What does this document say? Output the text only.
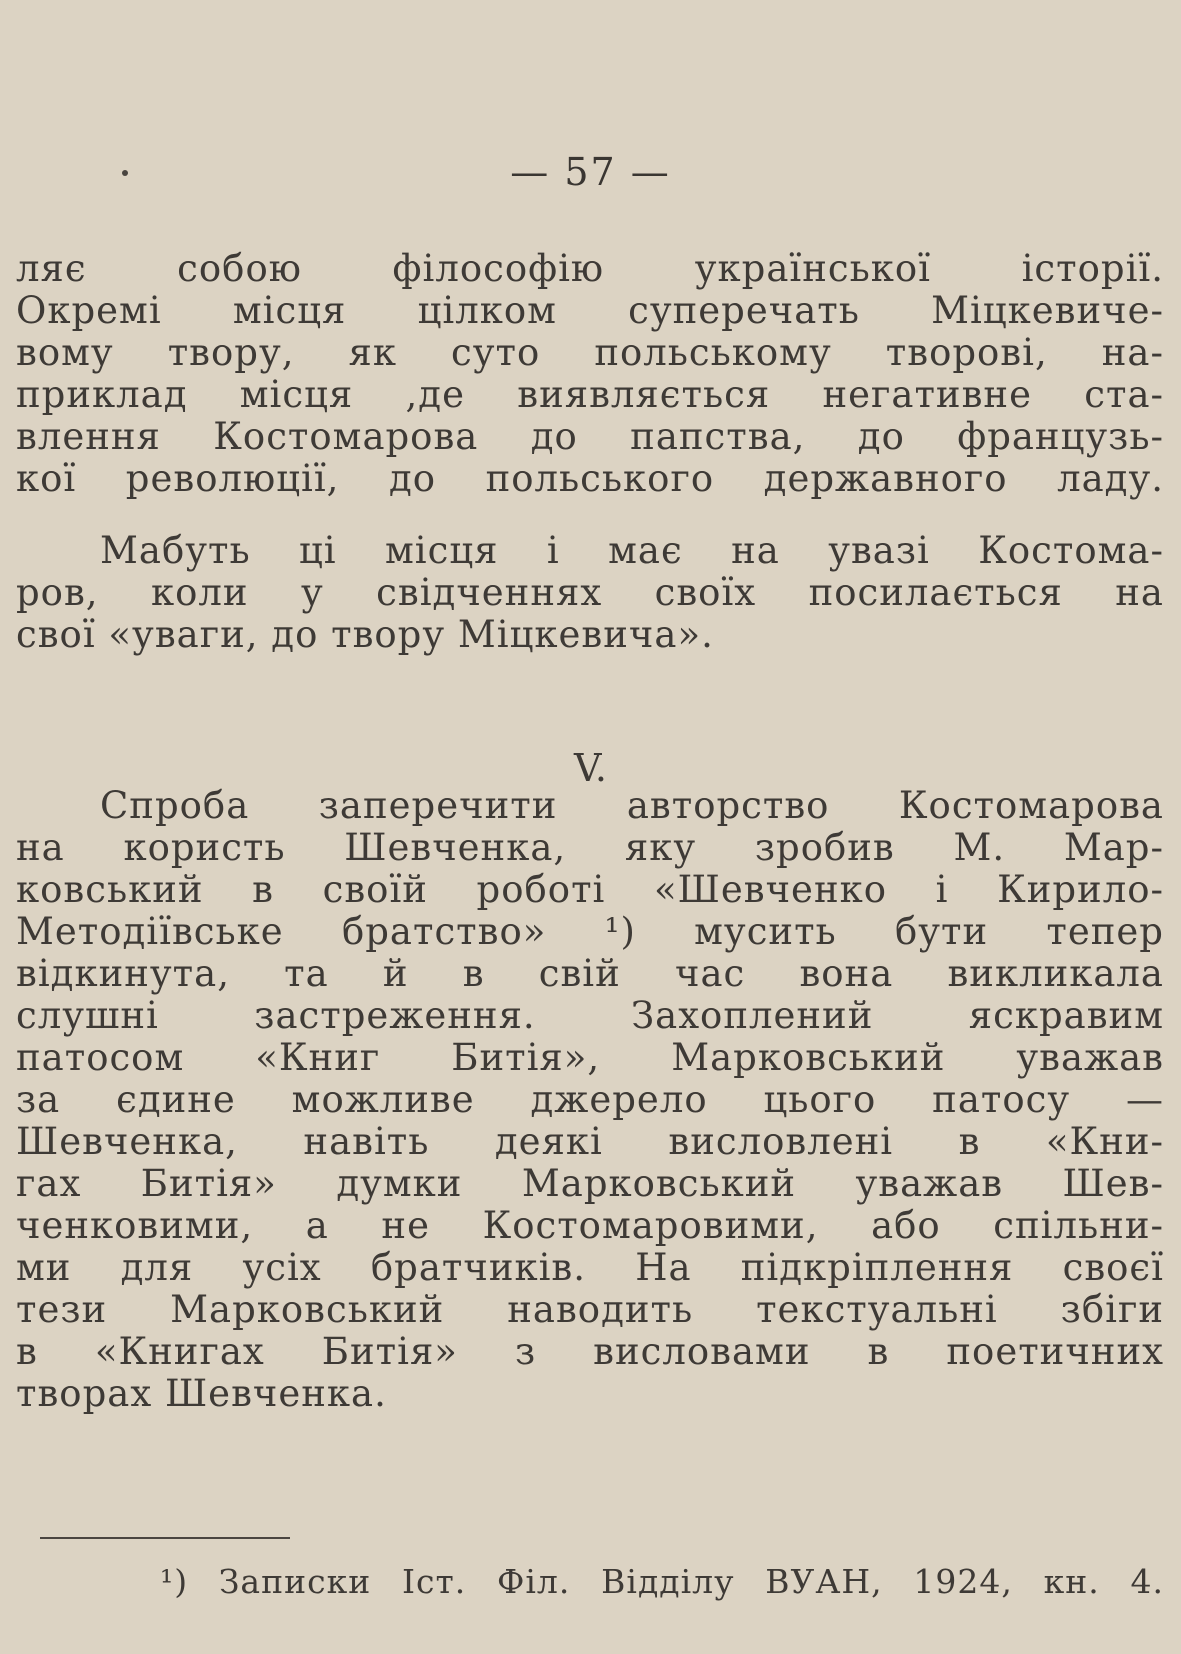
— 57 —
ляє собою філософію української історії.
Окремі місця цілком суперечать Міцкевиче-
вому твору, як суто польському творові, на-
приклад місця ,де виявляється негативне ста-
влення Костомарова до папства, до французь-
кої революції, до польського державного ладу.
Мабуть ці місця і має на увазі Костома-
ров, коли у свідченнях своїх посилається на
свої «уваги, до твору Міцкевича».
V.
Спроба заперечити авторство Костомарова
на користь Шевченка, яку зробив М. Мар-
ковський в своїй роботі «Шевченко і Кирило-
Методіївське братство» ¹) мусить бути тепер
відкинута, та й в свій час вона викликала
слушні застреження. Захоплений яскравим
патосом «Книг Битія», Марковський уважав
за єдине можливе джерело цього патосу —
Шевченка, навіть деякі висловлені в «Кни-
гах Битія» думки Марковський уважав Шев-
ченковими, а не Костомаровими, або спільни-
ми для усіх братчиків. На підкріплення своєї
тези Марковський наводить текстуальні збіги
в «Книгах Битія» з висловами в поетичних
творах Шевченка.
¹) Записки Іст. Філ. Відділу ВУАН, 1924, кн. 4.
